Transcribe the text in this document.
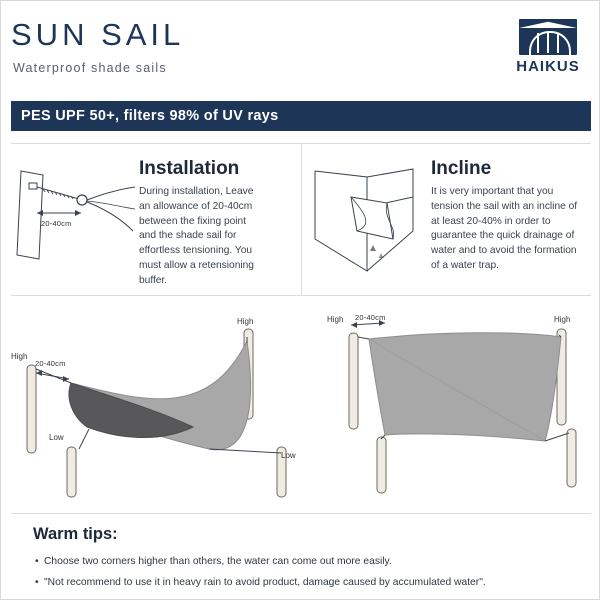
SUN SAIL
Waterproof shade sails	HAIKUS
PES UPF 50+, filters 98% of UV rays
Installation
During installation, Leave an allowance of 20-40cm between the fixing point and the shade sail for effortless tensioning. You must allow a retensioning buffer.
20-40cm
Incline
It is very important that you tension the sail with an incline of at least 20-40% in order to guarantee the quick drainage of water and to avoid the formation of a water trap.
High
High
Low
Low
20-40cm
High	High
20-40cm
Warm tips:
• Choose two corners higher than others, the water can come out more easily.
• "Not recommend to use it in heavy rain to avoid product, damage caused by accumulated water".
